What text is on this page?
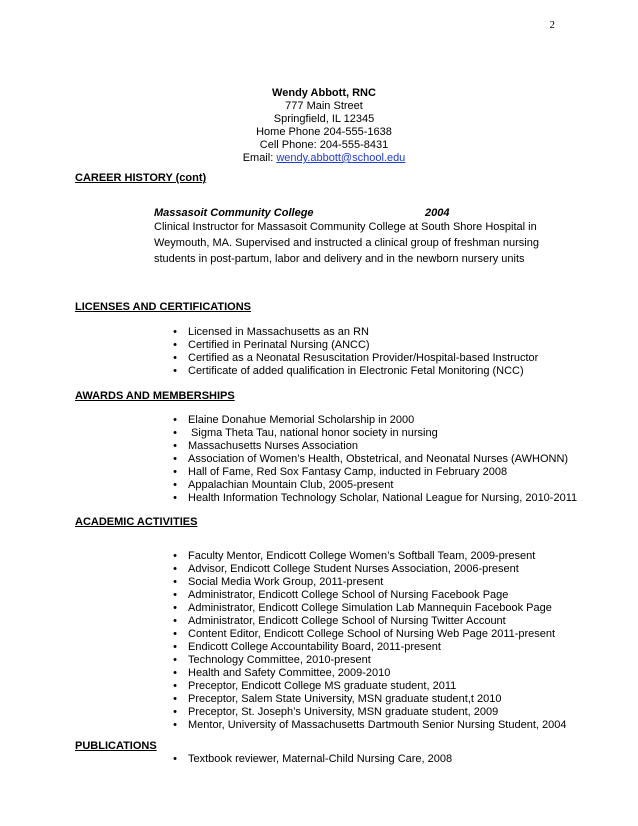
2
Wendy Abbott, RNC
777 Main Street
Springfield, IL 12345
Home Phone 204-555-1638
Cell Phone: 204-555-8431
Email: wendy.abbott@school.edu
CAREER HISTORY (cont)
Massasoit Community College	2004
Clinical Instructor for Massasoit Community College at South Shore Hospital in
Weymouth, MA. Supervised and instructed a clinical group of freshman nursing
students in post-partum, labor and delivery and in the newborn nursery units
LICENSES AND CERTIFICATIONS
• Licensed in Massachusetts as an RN
• Certified in Perinatal Nursing (ANCC)
• Certified as a Neonatal Resuscitation Provider/Hospital-based Instructor
• Certificate of added qualification in Electronic Fetal Monitoring (NCC)
AWARDS AND MEMBERSHIPS
• Elaine Donahue Memorial Scholarship in 2000
• Sigma Theta Tau, national honor society in nursing
• Massachusetts Nurses Association
• Association of Women’s Health, Obstetrical, and Neonatal Nurses (AWHONN)
• Hall of Fame, Red Sox Fantasy Camp, inducted in February 2008
• Appalachian Mountain Club, 2005-present
• Health Information Technology Scholar, National League for Nursing, 2010-2011
ACADEMIC ACTIVITIES
• Faculty Mentor, Endicott College Women’s Softball Team, 2009-present
• Advisor, Endicott College Student Nurses Association, 2006-present
• Social Media Work Group, 2011-present
• Administrator, Endicott College School of Nursing Facebook Page
• Administrator, Endicott College Simulation Lab Mannequin Facebook Page
• Administrator, Endicott College School of Nursing Twitter Account
• Content Editor, Endicott College School of Nursing Web Page 2011-present
• Endicott College Accountability Board, 2011-present
• Technology Committee, 2010-present
• Health and Safety Committee, 2009-2010
• Preceptor, Endicott College MS graduate student, 2011
• Preceptor, Salem State University, MSN graduate student,t 2010
• Preceptor, St. Joseph’s University, MSN graduate student, 2009
• Mentor, University of Massachusetts Dartmouth Senior Nursing Student, 2004
PUBLICATIONS
• Textbook reviewer, Maternal-Child Nursing Care, 2008
